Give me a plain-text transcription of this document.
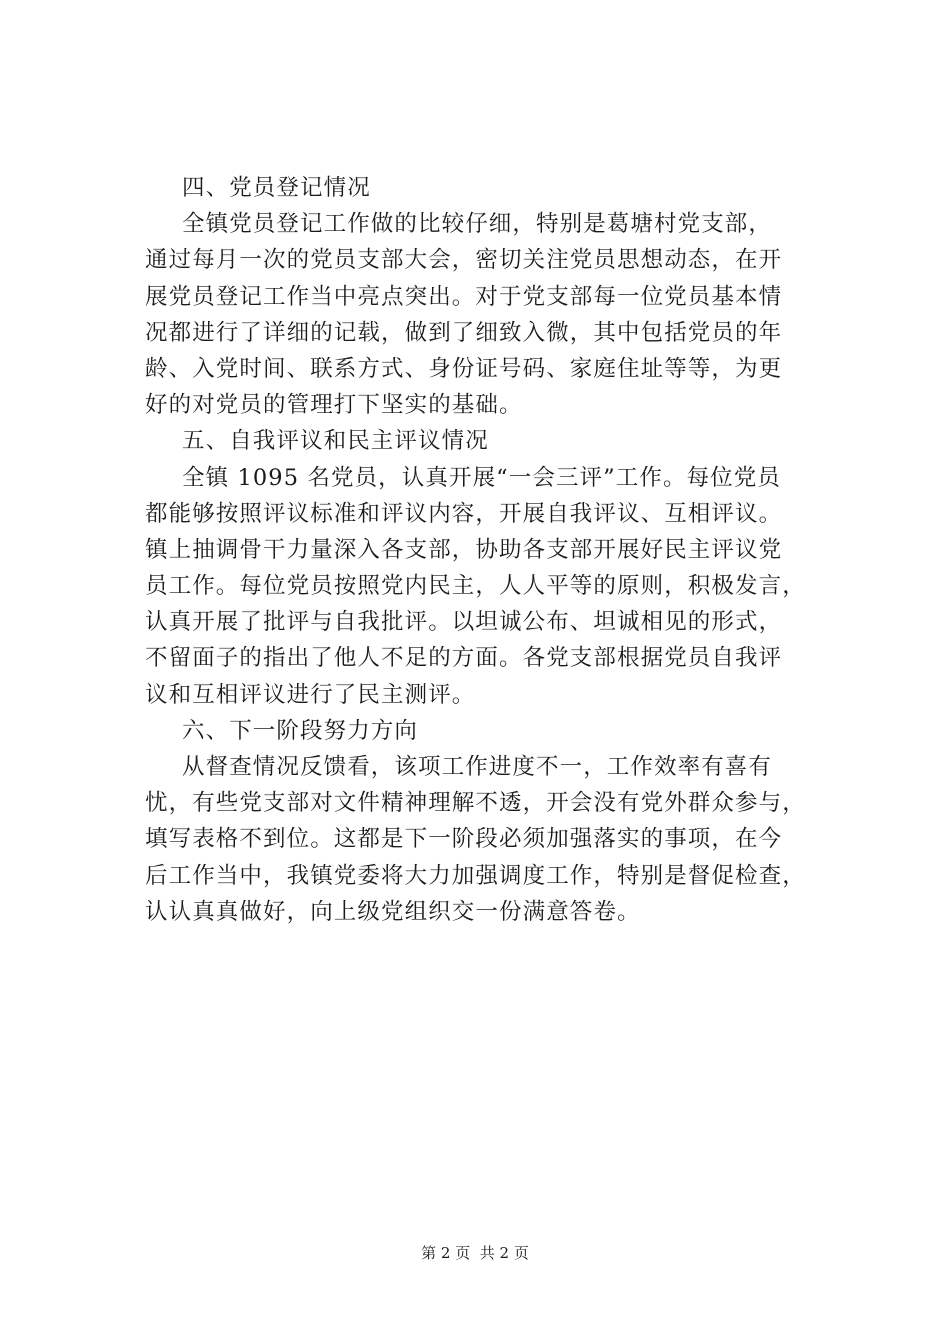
四、党员登记情况
全镇党员登记工作做的比较仔细，特别是葛塘村党支部，
通过每月一次的党员支部大会，密切关注党员思想动态，在开
展党员登记工作当中亮点突出。对于党支部每一位党员基本情
况都进行了详细的记载，做到了细致入微，其中包括党员的年
龄、入党时间、联系方式、身份证号码、家庭住址等等，为更
好的对党员的管理打下坚实的基础。
五、自我评议和民主评议情况
全镇 1095 名党员，认真开展“一会三评”工作。每位党员
都能够按照评议标准和评议内容，开展自我评议、互相评议。
镇上抽调骨干力量深入各支部，协助各支部开展好民主评议党
员工作。每位党员按照党内民主，人人平等的原则，积极发言，
认真开展了批评与自我批评。以坦诚公布、坦诚相见的形式，
不留面子的指出了他人不足的方面。各党支部根据党员自我评
议和互相评议进行了民主测评。
六、下一阶段努力方向
从督查情况反馈看，该项工作进度不一，工作效率有喜有
忧，有些党支部对文件精神理解不透，开会没有党外群众参与，
填写表格不到位。这都是下一阶段必须加强落实的事项，在今
后工作当中，我镇党委将大力加强调度工作，特别是督促检查，
认认真真做好，向上级党组织交一份满意答卷。
第 2 页  共 2 页
